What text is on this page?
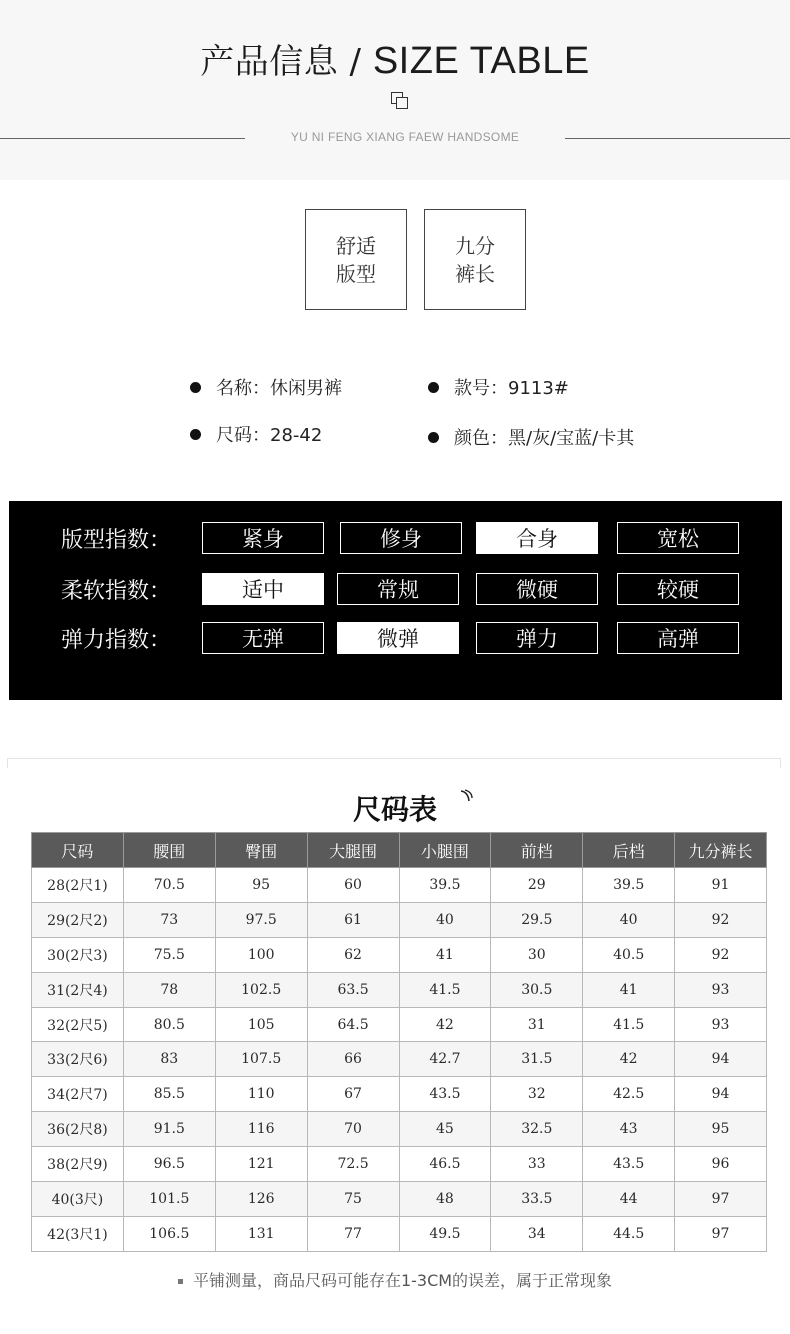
产品信息 / SIZE TABLE
YU NI FENG XIANG FAEW HANDSOME
舒适
版型
九分
裤长
名称：休闲男裤	款号：9113#
尺码：28-42	颜色：黑/灰/宝蓝/卡其
版型指数：	紧身	修身	合身	宽松
柔软指数：	适中	常规	微硬	较硬
弹力指数：	无弹	微弹	弹力	高弹
尺码表
尺码	腰围	臀围	大腿围	小腿围	前档	后档	九分裤长
28(2尺1)	70.5	95	60	39.5	29	39.5	91
29(2尺2)	73	97.5	61	40	29.5	40	92
30(2尺3)	75.5	100	62	41	30	40.5	92
31(2尺4)	78	102.5	63.5	41.5	30.5	41	93
32(2尺5)	80.5	105	64.5	42	31	41.5	93
33(2尺6)	83	107.5	66	42.7	31.5	42	94
34(2尺7)	85.5	110	67	43.5	32	42.5	94
36(2尺8)	91.5	116	70	45	32.5	43	95
38(2尺9)	96.5	121	72.5	46.5	33	43.5	96
40(3尺)	101.5	126	75	48	33.5	44	97
42(3尺1)	106.5	131	77	49.5	34	44.5	97
平铺测量，商品尺码可能存在1-3CM的误差，属于正常现象
